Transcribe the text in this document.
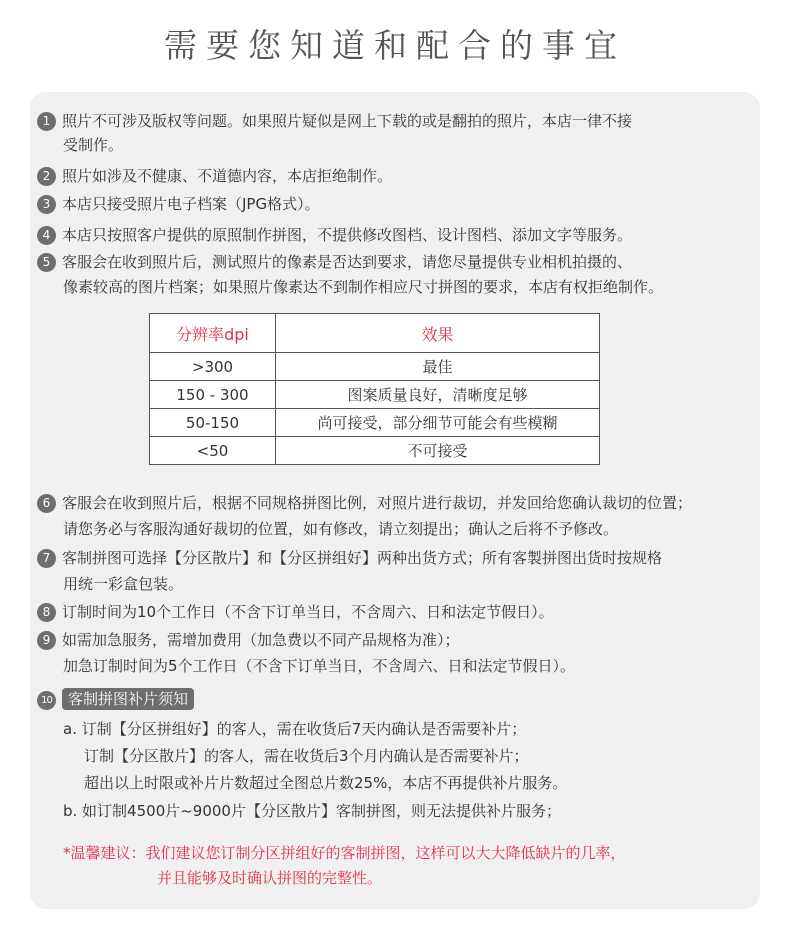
需要您知道和配合的事宜
1 照片不可涉及版权等问题。如果照片疑似是网上下载的或是翻拍的照片，本店一律不接
受制作。
2 照片如涉及不健康、不道德内容，本店拒绝制作。
3 本店只接受照片电子档案（JPG格式）。
4 本店只按照客户提供的原照制作拼图，不提供修改图档、设计图档、添加文字等服务。
5 客服会在收到照片后，测试照片的像素是否达到要求，请您尽量提供专业相机拍摄的、
像素较高的图片档案；如果照片像素达不到制作相应尺寸拼图的要求，本店有权拒绝制作。
分辨率dpi	效果
>300	最佳
150 - 300	图案质量良好，清晰度足够
50-150	尚可接受，部分细节可能会有些模糊
<50	不可接受
6 客服会在收到照片后，根据不同规格拼图比例，对照片进行裁切，并发回给您确认裁切的位置；
请您务必与客服沟通好裁切的位置，如有修改，请立刻提出；确认之后将不予修改。
7 客制拼图可选择【分区散片】和【分区拼组好】两种出货方式；所有客製拼图出货时按规格
用统一彩盒包装。
8 订制时间为10个工作日（不含下订单当日，不含周六、日和法定节假日）。
9 如需加急服务，需增加费用（加急费以不同产品规格为准）；
加急订制时间为5个工作日（不含下订单当日，不含周六、日和法定节假日）。
10 客制拼图补片须知
a. 订制【分区拼组好】的客人，需在收货后7天内确认是否需要补片；
订制【分区散片】的客人，需在收货后3个月内确认是否需要补片；
超出以上时限或补片片数超过全图总片数25%，本店不再提供补片服务。
b. 如订制4500片~9000片【分区散片】客制拼图，则无法提供补片服务；
*温馨建议：我们建议您订制分区拼组好的客制拼图，这样可以大大降低缺片的几率，
并且能够及时确认拼图的完整性。
